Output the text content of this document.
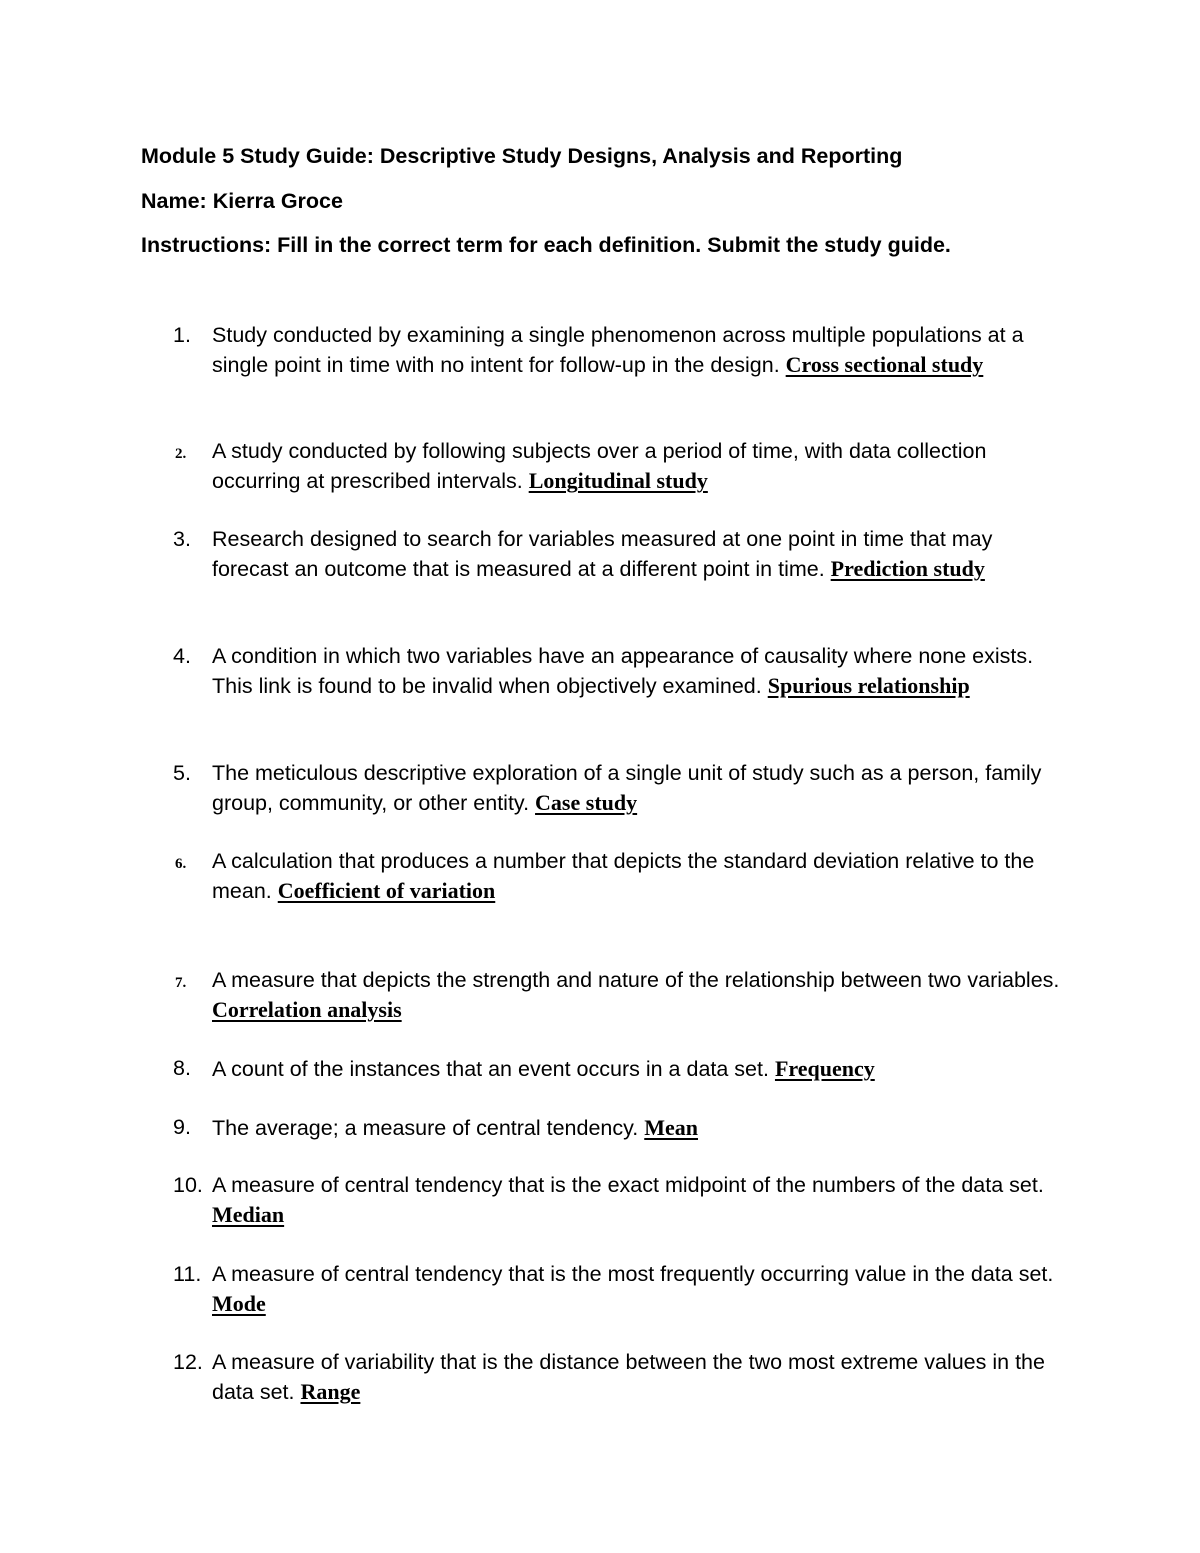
Module 5 Study Guide: Descriptive Study Designs, Analysis and Reporting
Name: Kierra Groce
Instructions: Fill in the correct term for each definition. Submit the study guide.
1. Study conducted by examining a single phenomenon across multiple populations at a single point in time with no intent for follow-up in the design. Cross sectional study
2.	A study conducted by following subjects over a period of time, with data collection occurring at prescribed intervals. Longitudinal study
3. Research designed to search for variables measured at one point in time that may forecast an outcome that is measured at a different point in time. Prediction study
4. A condition in which two variables have an appearance of causality where none exists. This link is found to be invalid when objectively examined. Spurious relationship
5. The meticulous descriptive exploration of a single unit of study such as a person, family group, community, or other entity. Case study
6.	A calculation that produces a number that depicts the standard deviation relative to the mean. Coefficient of variation
7.	A measure that depicts the strength and nature of the relationship between two variables. Correlation analysis
8. A count of the instances that an event occurs in a data set. Frequency
9. The average; a measure of central tendency. Mean
10. A measure of central tendency that is the exact midpoint of the numbers of the data set. Median
11. A measure of central tendency that is the most frequently occurring value in the data set. Mode
12. A measure of variability that is the distance between the two most extreme values in the data set. Range
